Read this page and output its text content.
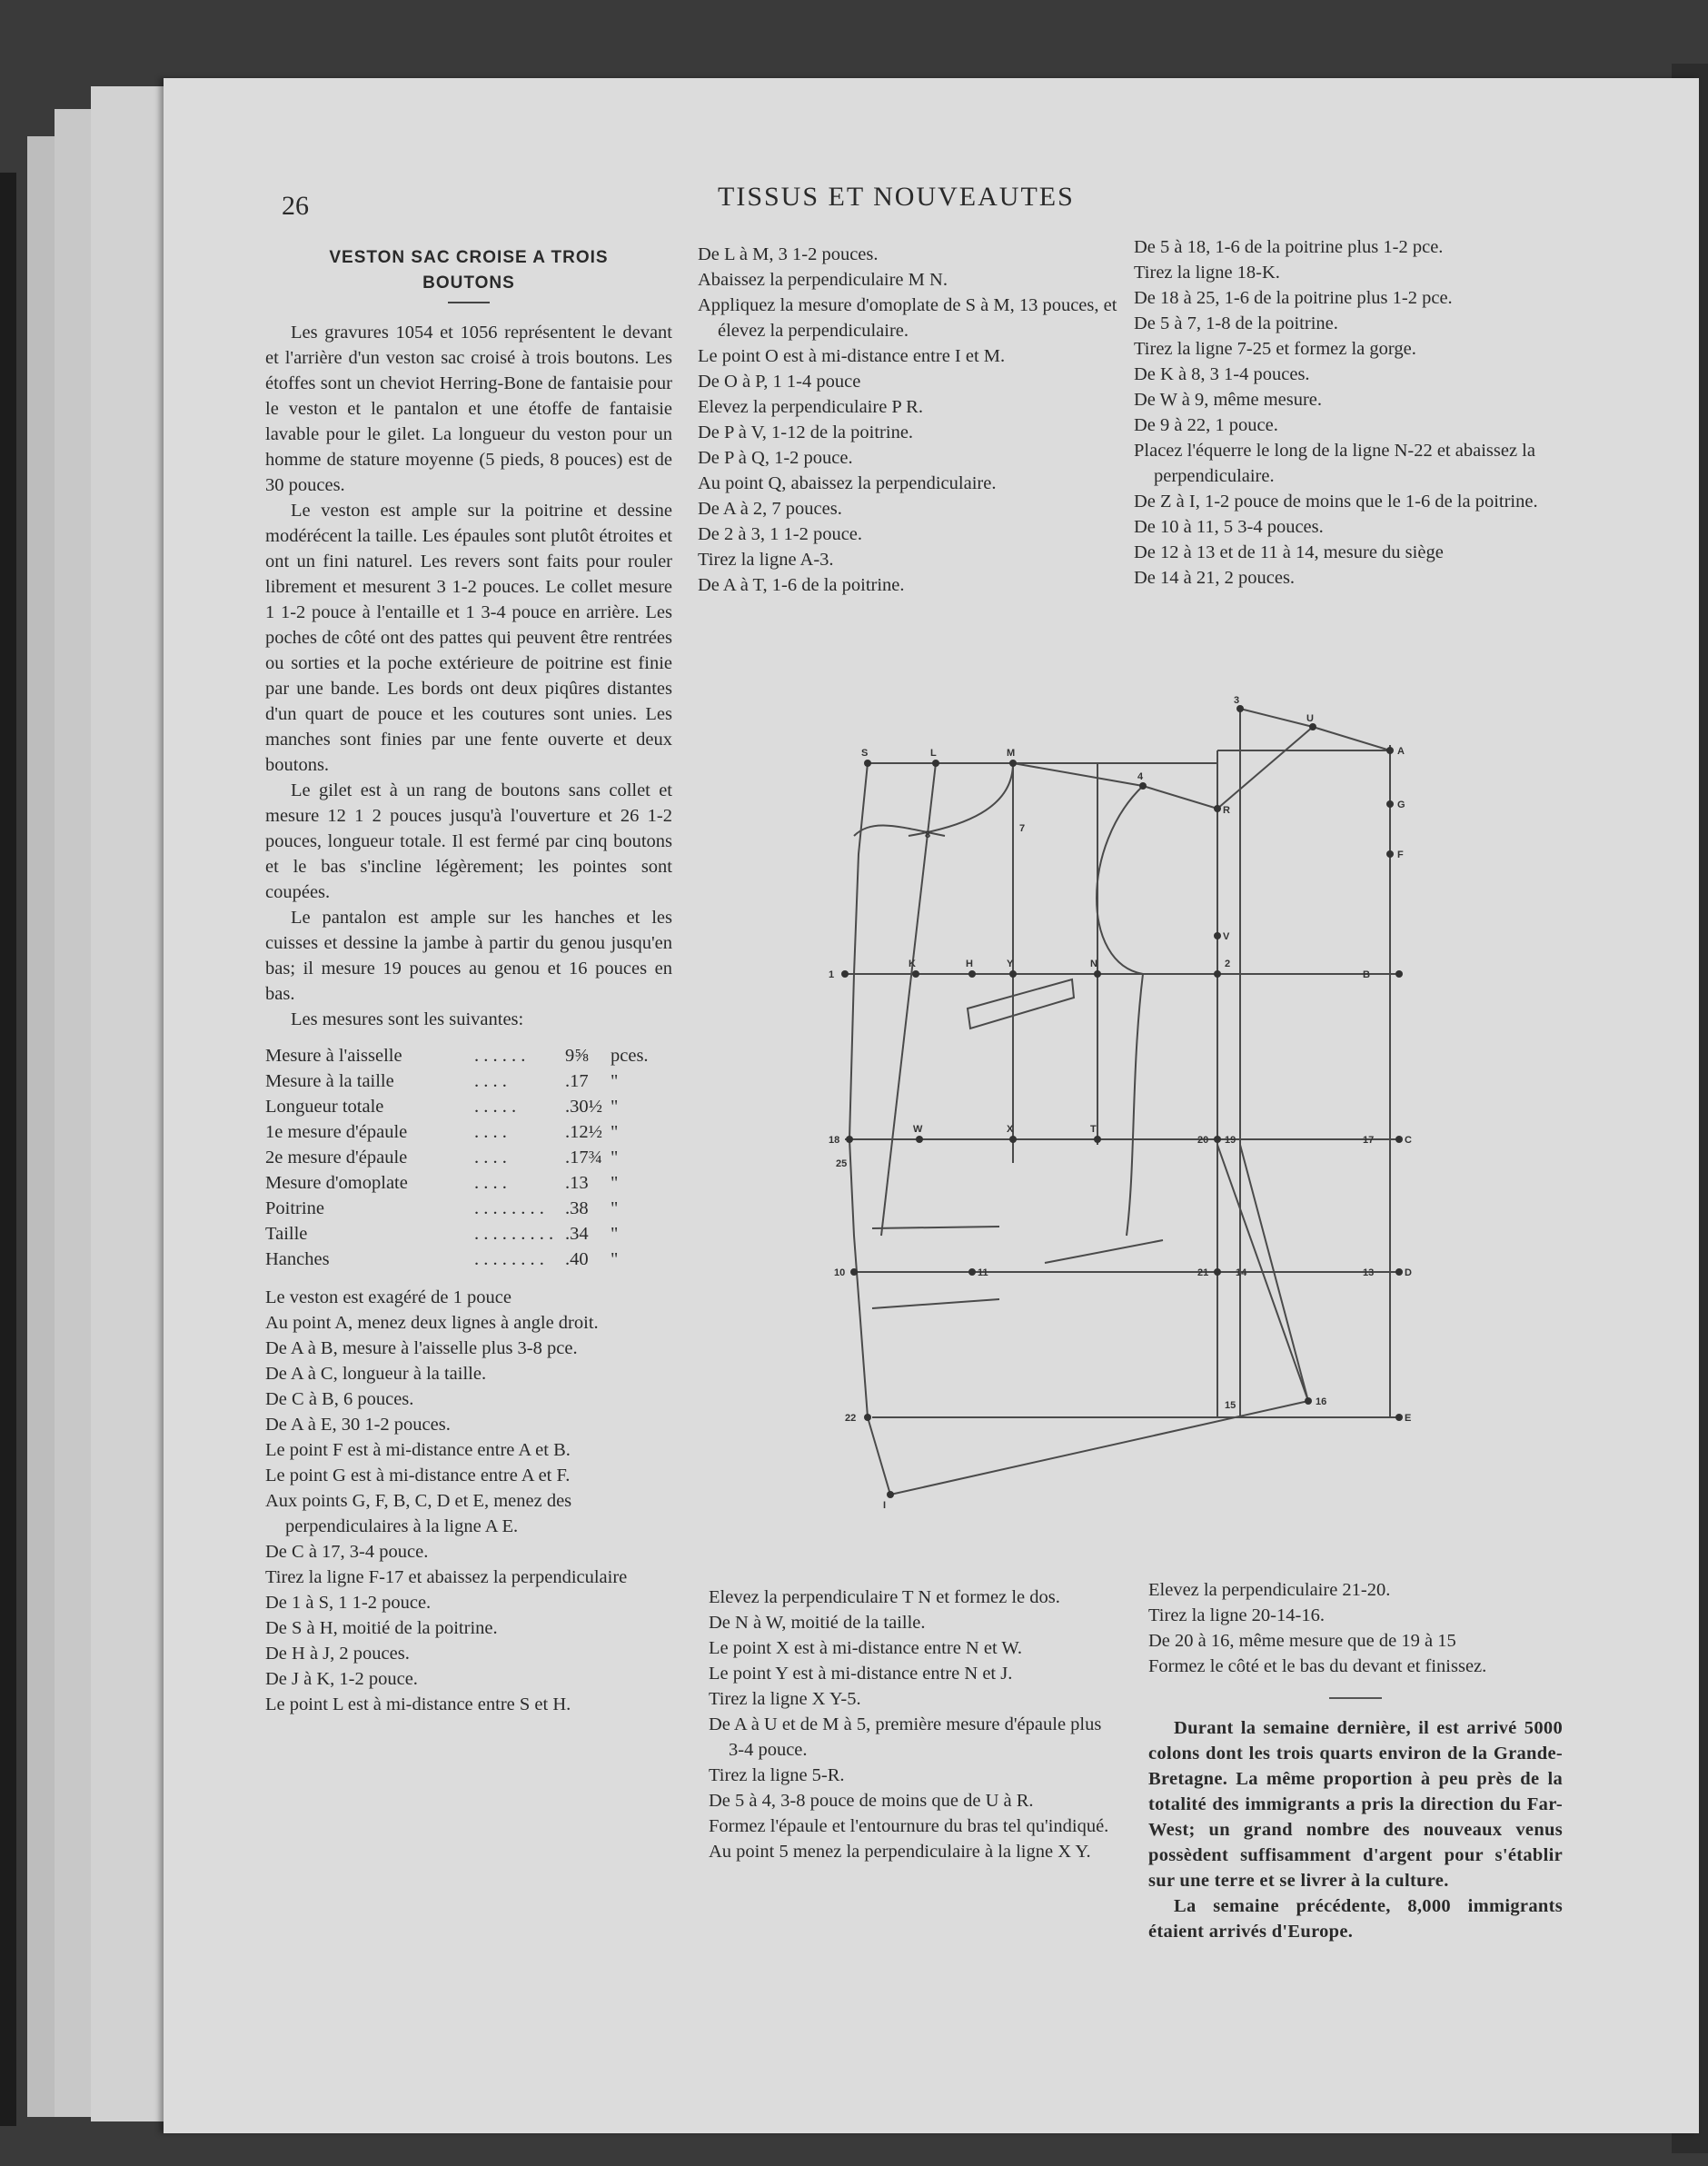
26	TISSUS ET NOUVEAUTES
VESTON SAC CROISE A TROIS
BOUTONS

Les gravures 1054 et 1056 représentent le devant et l'arrière d'un veston sac croisé à trois boutons. Les étoffes sont un cheviot Herring-Bone de fantaisie pour le veston et le pantalon et une étoffe de fantaisie lavable pour le gilet. La longueur du veston pour un homme de stature moyenne (5 pieds, 8 pouces) est de 30 pouces.

Le veston est ample sur la poitrine et dessine modérécent la taille. Les épaules sont plutôt étroites et ont un fini naturel. Les revers sont faits pour rouler librement et mesurent 3 1-2 pouces. Le collet mesure 1 1-2 pouce à l'entaille et 1 3-4 pouce en arrière. Les poches de côté ont des pattes qui peuvent être rentrées ou sorties et la poche extérieure de poitrine est finie par une bande. Les bords ont deux piqûres distantes d'un quart de pouce et les coutures sont unies. Les manches sont finies par une fente ouverte et deux boutons.

Le gilet est à un rang de boutons sans collet et mesure 12 1 2 pouces jusqu'à l'ouverture et 26 1-2 pouces, longueur totale. Il est fermé par cinq boutons et le bas s'incline légèrement; les pointes sont coupées.

Le pantalon est ample sur les hanches et les cuisses et dessine la jambe à partir du genou jusqu'en bas; il mesure 19 pouces au genou et 16 pouces en bas.

Les mesures sont les suivantes:

Mesure à l'aisselle	. . . . . .	9⅝	pces.
Mesure à la taille	. . . .	.17	"
Longueur totale	. . . . .	.30½	"
1e mesure d'épaule	. . . .	.12½	"
2e mesure d'épaule	. . . .	.17¾	"
Mesure d'omoplate	. . . .	.13	"
Poitrine	. . . . . . . .	.38	"
Taille	. . . . . . . . .	.34	"
Hanches	. . . . . . . .	.40	"

Le veston est exagéré de 1 pouce

Au point A, menez deux lignes à angle droit.

De A à B, mesure à l'aisselle plus 3-8 pce.

De A à C, longueur à la taille.

De C à B, 6 pouces.

De A à E, 30 1-2 pouces.

Le point F est à mi-distance entre A et B.

Le point G est à mi-distance entre A et F.

Aux points G, F, B, C, D et E, menez des perpendiculaires à la ligne A E.

De C à 17, 3-4 pouce.

Tirez la ligne F-17 et abaissez la perpendiculaire

De 1 à S, 1 1-2 pouce.

De S à H, moitié de la poitrine.

De H à J, 2 pouces.

De J à K, 1-2 pouce.

Le point L est à mi-distance entre S et H.

De L à M, 3 1-2 pouces.

Abaissez la perpendiculaire M N.

Appliquez la mesure d'omoplate de S à M, 13 pouces, et élevez la perpendiculaire.

Le point O est à mi-distance entre I et M.

De O à P, 1 1-4 pouce

Elevez la perpendiculaire P R.

De P à V, 1-12 de la poitrine.

De P à Q, 1-2 pouce.

Au point Q, abaissez la perpendiculaire.

De A à 2, 7 pouces.

De 2 à 3, 1 1-2 pouce.

Tirez la ligne A-3.

De A à T, 1-6 de la poitrine.

De 5 à 18, 1-6 de la poitrine plus 1-2 pce.

Tirez la ligne 18-K.

De 18 à 25, 1-6 de la poitrine plus 1-2 pce.

De 5 à 7, 1-8 de la poitrine.

Tirez la ligne 7-25 et formez la gorge.

De K à 8, 3 1-4 pouces.

De W à 9, même mesure.

De 9 à 22, 1 pouce.

Placez l'équerre le long de la ligne N-22 et abaissez la perpendiculaire.

De Z à I, 1-2 pouce de moins que le 1-6 de la poitrine.

De 10 à 11, 5 3-4 pouces.

De 12 à 13 et de 11 à 14, mesure du siège

De 14 à 21, 2 pouces.

S	L	M
4
R
3
U
A
G
F
V
7
8
1
K	H	Y	N	2
B
18
W	X	T
20 19	17	C
25
10	11	21	14	13	D
22
15	16
E
I

Elevez la perpendiculaire T N et formez le dos.

De N à W, moitié de la taille.

Le point X est à mi-distance entre N et W.

Le point Y est à mi-distance entre N et J.

Tirez la ligne X Y-5.

De A à U et de M à 5, première mesure d'épaule plus 3-4 pouce.

Tirez la ligne 5-R.

De 5 à 4, 3-8 pouce de moins que de U à R.

Formez l'épaule et l'entournure du bras tel qu'indiqué.

Au point 5 menez la perpendiculaire à la ligne X Y.

Elevez la perpendiculaire 21-20.

Tirez la ligne 20-14-16.

De 20 à 16, même mesure que de 19 à 15

Formez le côté et le bas du devant et finissez.

Durant la semaine dernière, il est arrivé 5000 colons dont les trois quarts environ de la Grande-Bretagne. La même proportion à peu près de la totalité des immigrants a pris la direction du Far-West; un grand nombre des nouveaux venus possèdent suffisamment d'argent pour s'établir sur une terre et se livrer à la culture.

La semaine précédente, 8,000 immigrants étaient arrivés d'Europe.
